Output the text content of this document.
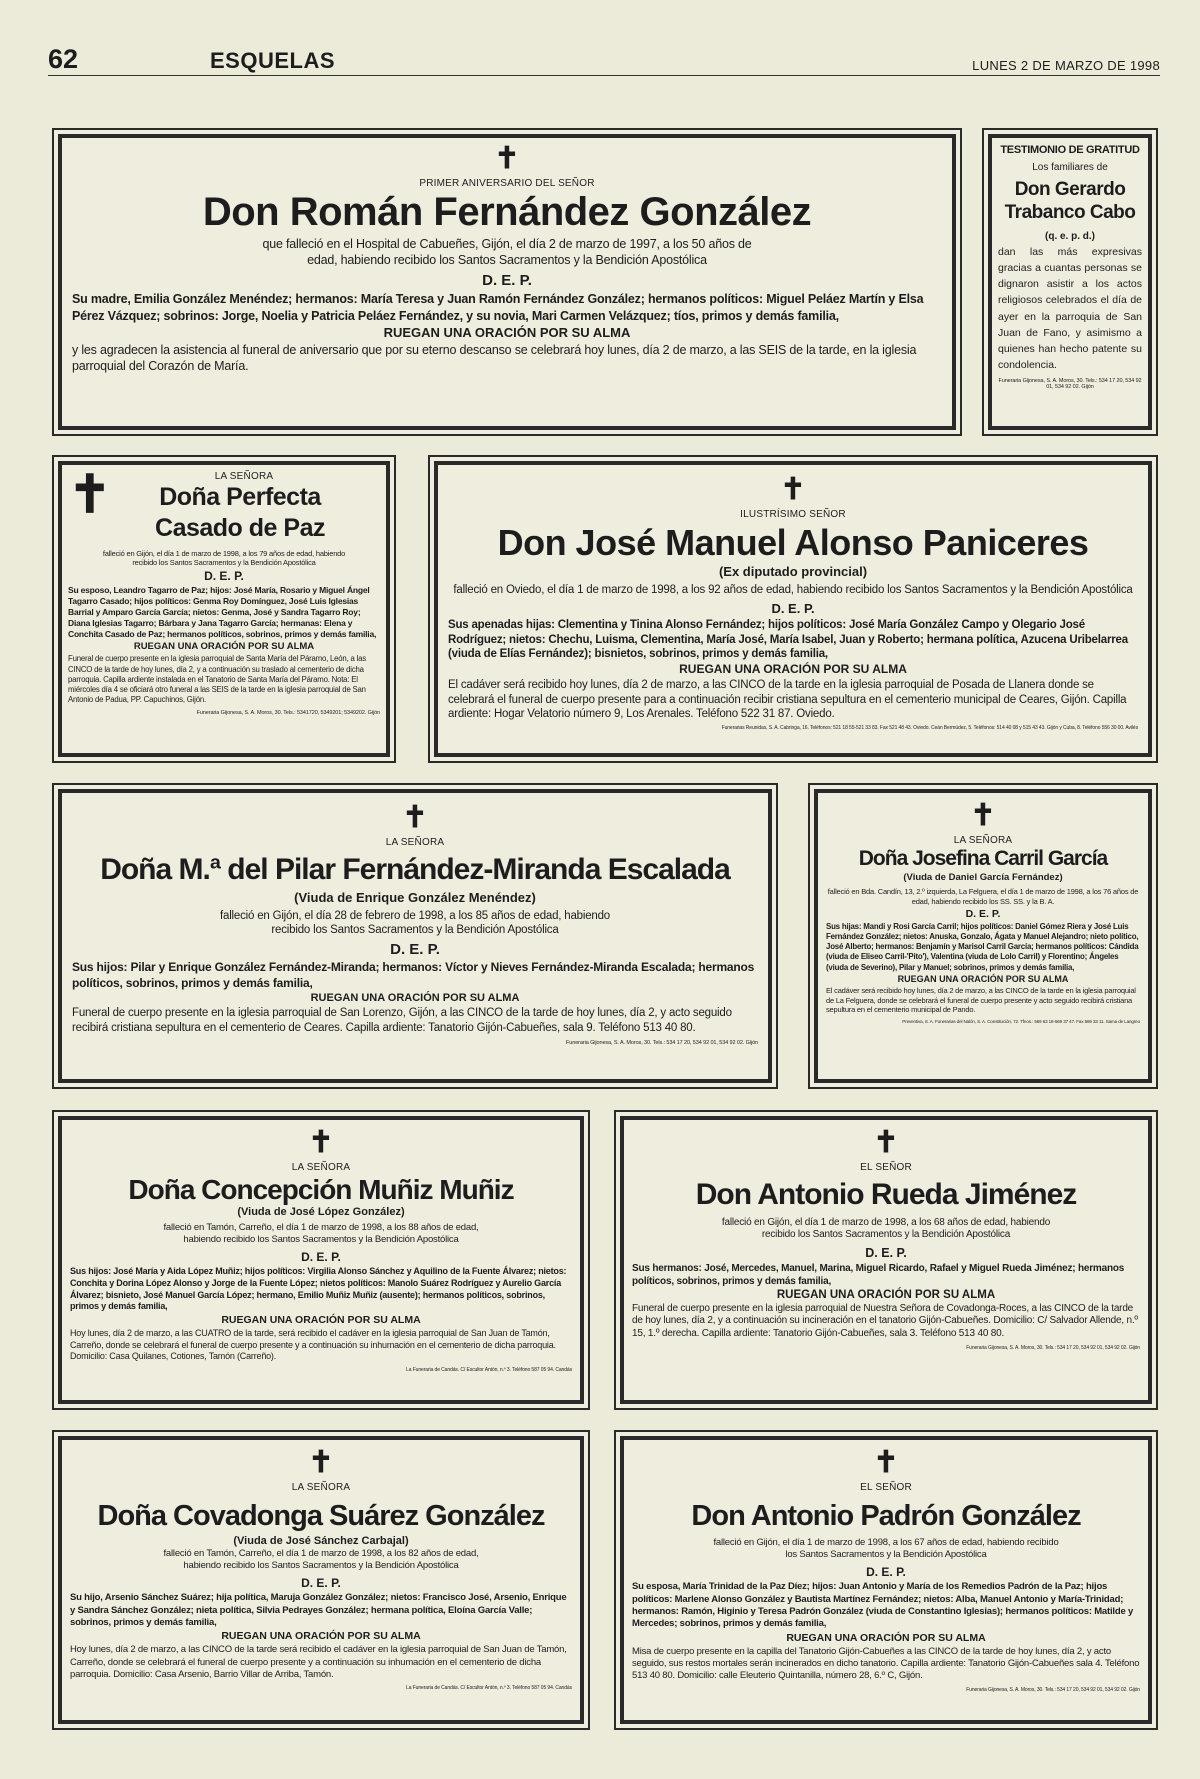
62	ESQUELAS	LUNES 2 DE MARZO DE 1998
✝
PRIMER ANIVERSARIO DEL SEÑOR
Don Román Fernández González
que falleció en el Hospital de Cabueñes, Gijón, el día 2 de marzo de 1997, a los 50 años de edad, habiendo recibido los Santos Sacramentos y la Bendición Apostólica
D. E. P.
Su madre, Emilia González Menéndez; hermanos: María Teresa y Juan Ramón Fernández González; hermanos políticos: Miguel Peláez Martín y Elsa Pérez Vázquez; sobrinos: Jorge, Noelia y Patricia Peláez Fernández, y su novia, Mari Carmen Velázquez; tíos, primos y demás familia,
RUEGAN UNA ORACIÓN POR SU ALMA
y les agradecen la asistencia al funeral de aniversario que por su eterno descanso se celebrará hoy lunes, día 2 de marzo, a las SEIS de la tarde, en la iglesia parroquial del Corazón de María.
TESTIMONIO DE GRATITUD
Los familiares de
Don Gerardo Trabanco Cabo
(q. e. p. d.)
dan las más expresivas gracias a cuantas personas se dignaron asistir a los actos religiosos celebrados el día de ayer en la parroquia de San Juan de Fano, y asimismo a quienes han hecho patente su condolencia.
Funeraria Gijonesa, S. A. Moros, 30. Tels.: 534 17 20, 534 92 01, 534 92 02. Gijón
✝	LA SEÑORA
Doña Perfecta Casado de Paz
falleció en Gijón, el día 1 de marzo de 1998, a los 79 años de edad, habiendo recibido los Santos Sacramentos y la Bendición Apostólica
D. E. P.
Su esposo, Leandro Tagarro de Paz; hijos: José María, Rosario y Miguel Ángel Tagarro Casado; hijos políticos: Genma Roy Domínguez, José Luis Iglesias Barrial y Amparo García García; nietos: Genma, José y Sandra Tagarro Roy; Diana Iglesias Tagarro; Bárbara y Jana Tagarro García; hermanas: Elena y Conchita Casado de Paz; hermanos políticos, sobrinos, primos y demás familia,
RUEGAN UNA ORACIÓN POR SU ALMA
Funeral de cuerpo presente en la iglesia parroquial de Santa María del Páramo, León, a las CINCO de la tarde de hoy lunes, día 2, y a continuación su traslado al cementerio de dicha parroquia. Capilla ardiente instalada en el Tanatorio de Santa María del Páramo. Nota: El miércoles día 4 se oficiará otro funeral a las SEIS de la tarde en la iglesia parroquial de San Antonio de Padua, PP. Capuchinos, Gijón.
Funeraria Gijonesa, S. A. Moros, 30. Tels.: 5341720, 5349201; 5349202. Gijón
✝
ILUSTRÍSIMO SEÑOR
Don José Manuel Alonso Paniceres
(Ex diputado provincial)
falleció en Oviedo, el día 1 de marzo de 1998, a los 92 años de edad, habiendo recibido los Santos Sacramentos y la Bendición Apostólica
D. E. P.
Sus apenadas hijas: Clementina y Tinina Alonso Fernández; hijos políticos: José María González Campo y Olegario José Rodríguez; nietos: Chechu, Luisma, Clementina, María José, María Isabel, Juan y Roberto; hermana política, Azucena Uribelarrea (viuda de Elías Fernández); bisnietos, sobrinos, primos y demás familia,
RUEGAN UNA ORACIÓN POR SU ALMA
El cadáver será recibido hoy lunes, día 2 de marzo, a las CINCO de la tarde en la iglesia parroquial de Posada de Llanera donde se celebrará el funeral de cuerpo presente para a continuación recibir cristiana sepultura en el cementerio municipal de Ceares, Gijón. Capilla ardiente: Hogar Velatorio número 9, Los Arenales. Teléfono 522 31 87. Oviedo.
Funerarias Reunidas, S. A. Cabringa, 16. Teléfonos: 521 18 55-521 33 83. Fax 521 48 43. Oviedo. Ceán Bermúdez, 5. Teléfonos: 514 40 08 y 515 43 43. Gijón y Cuba, 8. Teléfono 556 30 00. Avilés
✝
LA SEÑORA
Doña M.ª del Pilar Fernández-Miranda Escalada
(Viuda de Enrique González Menéndez)
falleció en Gijón, el día 28 de febrero de 1998, a los 85 años de edad, habiendo recibido los Santos Sacramentos y la Bendición Apostólica
D. E. P.
Sus hijos: Pilar y Enrique González Fernández-Miranda; hermanos: Víctor y Nieves Fernández-Miranda Escalada; hermanos políticos, sobrinos, primos y demás familia,
RUEGAN UNA ORACIÓN POR SU ALMA
Funeral de cuerpo presente en la iglesia parroquial de San Lorenzo, Gijón, a las CINCO de la tarde de hoy lunes, día 2, y acto seguido recibirá cristiana sepultura en el cementerio de Ceares. Capilla ardiente: Tanatorio Gijón-Cabueñes, sala 9. Teléfono 513 40 80.
Funeraria Gijonesa, S. A. Moros, 30. Tels.: 534 17 20, 534 92 01, 534 92 02. Gijón
✝
LA SEÑORA
Doña Josefina Carril García
(Viuda de Daniel García Fernández)
falleció en Bda. Candín, 13, 2.º izquierda, La Felguera, el día 1 de marzo de 1998, a los 76 años de edad, habiendo recibido los SS. SS. y la B. A.
D. E. P.
Sus hijas: Mandi y Rosi García Carril; hijos políticos: Daniel Gómez Riera y José Luis Fernández González; nietos: Anuska, Gonzalo, Ágata y Manuel Alejandro; nieto político, José Alberto; hermanos: Benjamín y Marisol Carril García; hermanos políticos: Cándida (viuda de Eliseo Carril-'Pito'), Valentina (viuda de Lolo Carril) y Florentino; Ángeles (viuda de Severino), Pilar y Manuel; sobrinos, primos y demás familia,
RUEGAN UNA ORACIÓN POR SU ALMA
El cadáver será recibido hoy lunes, día 2 de marzo, a las CINCO de la tarde en la iglesia parroquial de La Felguera, donde se celebrará el funeral de cuerpo presente y acto seguido recibirá cristiana sepultura en el cementerio municipal de Pando.
Preventiva, S. A. Funerarias del Nalón, S. A. Constitución, 72. Tfnos.: 569 63 18-569 37 47. Fax 569 33 11. Sama de Langreo
✝
LA SEÑORA
Doña Concepción Muñiz Muñiz
(Viuda de José López González)
falleció en Tamón, Carreño, el día 1 de marzo de 1998, a los 88 años de edad, habiendo recibido los Santos Sacramentos y la Bendición Apostólica
D. E. P.
Sus hijos: José María y Aida López Muñiz; hijos políticos: Virgilia Alonso Sánchez y Aquilino de la Fuente Álvarez; nietos: Conchita y Dorina López Alonso y Jorge de la Fuente López; nietos políticos: Manolo Suárez Rodríguez y Aurelio García Álvarez; bisnieto, José Manuel García López; hermano, Emilio Muñiz Muñiz (ausente); hermanos políticos, sobrinos, primos y demás familia,
RUEGAN UNA ORACIÓN POR SU ALMA
Hoy lunes, día 2 de marzo, a las CUATRO de la tarde, será recibido el cadáver en la iglesia parroquial de San Juan de Tamón, Carreño, donde se celebrará el funeral de cuerpo presente y a continuación su inhumación en el cementerio de dicha parroquia. Domicilio: Casa Quilanes, Cotiones, Tamón (Carreño).
La Funeraria de Candás. C/ Escultor Antón, n.º 3. Teléfono 587 05 94. Candás
✝
EL SEÑOR
Don Antonio Rueda Jiménez
falleció en Gijón, el día 1 de marzo de 1998, a los 68 años de edad, habiendo recibido los Santos Sacramentos y la Bendición Apostólica
D. E. P.
Sus hermanos: José, Mercedes, Manuel, Marina, Miguel Ricardo, Rafael y Miguel Rueda Jiménez; hermanos políticos, sobrinos, primos y demás familia,
RUEGAN UNA ORACIÓN POR SU ALMA
Funeral de cuerpo presente en la iglesia parroquial de Nuestra Señora de Covadonga-Roces, a las CINCO de la tarde de hoy lunes, día 2, y a continuación su incineración en el tanatorio Gijón-Cabueñes. Domicilio: C/ Salvador Allende, n.º 15, 1.º derecha. Capilla ardiente: Tanatorio Gijón-Cabueñes, sala 3. Teléfono 513 40 80.
Funeraria Gijonesa, S. A. Moros, 30. Tels.: 534 17 20, 534 92 01, 534 92 02. Gijón
✝
LA SEÑORA
Doña Covadonga Suárez González
(Viuda de José Sánchez Carbajal)
falleció en Tamón, Carreño, el día 1 de marzo de 1998, a los 82 años de edad, habiendo recibido los Santos Sacramentos y la Bendición Apostólica
D. E. P.
Su hijo, Arsenio Sánchez Suárez; hija política, Maruja González González; nietos: Francisco José, Arsenio, Enrique y Sandra Sánchez González; nieta política, Silvia Pedrayes González; hermana política, Eloína García Valle; sobrinos, primos y demás familia,
RUEGAN UNA ORACIÓN POR SU ALMA
Hoy lunes, día 2 de marzo, a las CINCO de la tarde será recibido el cadáver en la iglesia parroquial de San Juan de Tamón, Carreño, donde se celebrará el funeral de cuerpo presente y a continuación su inhumación en el cementerio de dicha parroquia. Domicilio: Casa Arsenio, Barrio Villar de Arriba, Tamón.
La Funeraria de Candás. C/ Escultor Antón, n.º 3. Teléfono 587 05 94. Candás
✝
EL SEÑOR
Don Antonio Padrón González
falleció en Gijón, el día 1 de marzo de 1998, a los 67 años de edad, habiendo recibido los Santos Sacramentos y la Bendición Apostólica
D. E. P.
Su esposa, María Trinidad de la Paz Díez; hijos: Juan Antonio y María de los Remedios Padrón de la Paz; hijos políticos: Marlene Alonso González y Bautista Martínez Fernández; nietos: Alba, Manuel Antonio y María-Trinidad; hermanos: Ramón, Higinio y Teresa Padrón González (viuda de Constantino Iglesias); hermanos políticos: Matilde y Mercedes; sobrinos, primos y demás familia,
RUEGAN UNA ORACIÓN POR SU ALMA
Misa de cuerpo presente en la capilla del Tanatorio Gijón-Cabueñes a las CINCO de la tarde de hoy lunes, día 2, y acto seguido, sus restos mortales serán incinerados en dicho tanatorio. Capilla ardiente: Tanatorio Gijón-Cabueñes sala 4. Teléfono 513 40 80. Domicilio: calle Eleuterio Quintanilla, número 28, 6.º C, Gijón.
Funeraria Gijonesa, S. A. Moros, 30. Tels.: 534 17 20, 534 92 01, 534 92 02. Gijón
